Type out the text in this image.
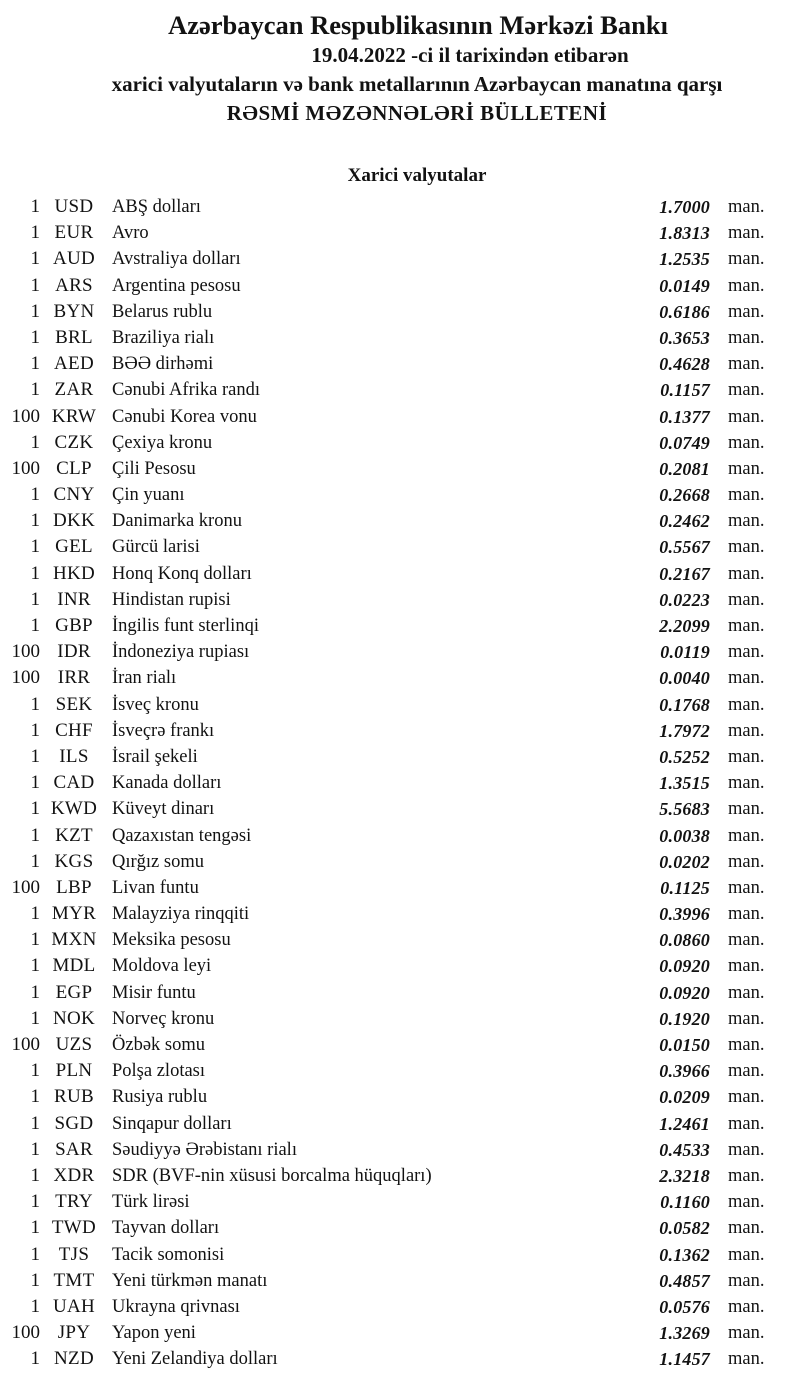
Azərbaycan Respublikasının Mərkəzi Bankı
19.04.2022 -ci il tarixindən etibarən
xarici valyutaların və bank metallarının Azərbaycan manatına qarşı
RƏSMİ MƏZƏNNƏLƏRİ BÜLLETENİ
Xarici valyutalar
1 USD	ABŞ dolları	1.7000 man.
1 EUR	Avro	1.8313 man.
1 AUD Avstraliya dolları	1.2535 man.
1 ARS	Argentina pesosu	0.0149 man.
1 BYN Belarus rublu	0.6186 man.
1 BRL	Braziliya rialı	0.3653 man.
1 AED BƏƏ dirhəmi	0.4628 man.
1 ZAR	Cənubi Afrika randı	0.1157 man.
100 KRW Cənubi Korea vonu	0.1377 man.
1 CZK	Çexiya kronu	0.0749 man.
100 CLP	Çili Pesosu	0.2081 man.
1 CNY Çin yuanı	0.2668 man.
1 DKK Danimarka kronu	0.2462 man.
1 GEL	Gürcü larisi	0.5567 man.
1 HKD Honq Konq dolları	0.2167 man.
1 INR	Hindistan rupisi	0.0223 man.
1 GBP	İngilis funt sterlinqi	2.2099 man.
100 IDR	İndoneziya rupiası	0.0119 man.
100 IRR	İran rialı	0.0040 man.
1 SEK	İsveç kronu	0.1768 man.
1 CHF	İsveçrə frankı	1.7972 man.
1	ILS	İsrail şekeli	0.5252 man.
1 CAD Kanada dolları	1.3515 man.
1 KWD Küveyt dinarı	5.5683 man.
1 KZT	Qazaxıstan tengəsi	0.0038 man.
1 KGS	Qırğız somu	0.0202 man.
100 LBP	Livan funtu	0.1125 man.
1 MYR Malayziya rinqqiti	0.3996 man.
1 MXN Meksika pesosu	0.0860 man.
1 MDL Moldova leyi	0.0920 man.
1 EGP	Misir funtu	0.0920 man.
1 NOK Norveç kronu	0.1920 man.
100 UZS	Özbək somu	0.0150 man.
1 PLN	Polşa zlotası	0.3966 man.
1 RUB Rusiya rublu	0.0209 man.
1 SGD	Sinqapur dolları	1.2461 man.
1 SAR	Səudiyyə Ərəbistanı rialı	0.4533 man.
1 XDR SDR (BVF-nin xüsusi borcalma hüquqları)	2.3218 man.
1 TRY	Türk lirəsi	0.1160 man.
1 TWD Tayvan dolları	0.0582 man.
1 TJS	Tacik somonisi	0.1362 man.
1 TMT Yeni türkmən manatı	0.4857 man.
1 UAH Ukrayna qrivnası	0.0576 man.
100 JPY	Yapon yeni	1.3269 man.
1 NZD Yeni Zelandiya dolları	1.1457 man.
